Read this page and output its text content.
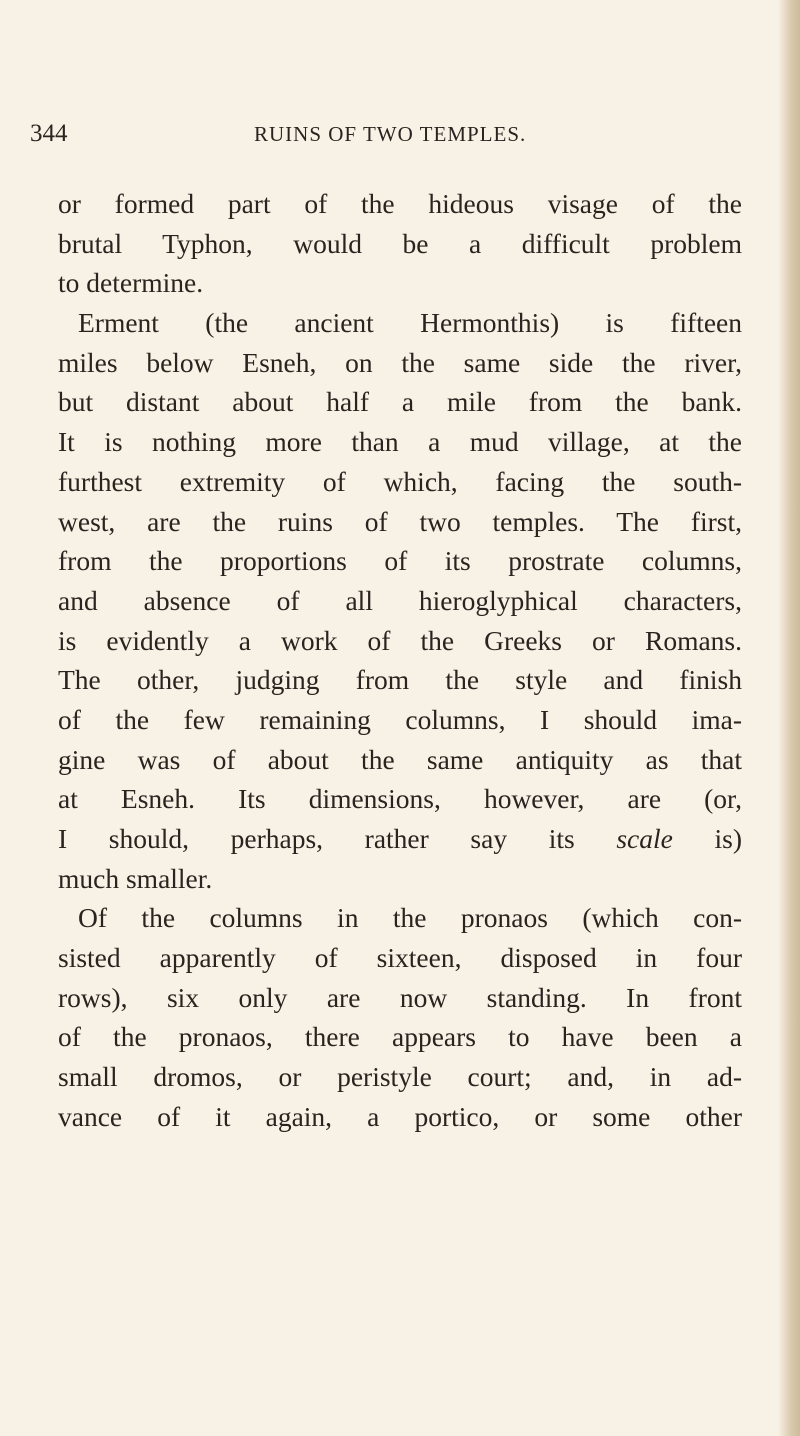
344	RUINS OF TWO TEMPLES.
or formed part of the hideous visage of the
brutal Typhon, would be a difficult problem
to determine.
Erment (the ancient Hermonthis) is fifteen
miles below Esneh, on the same side the river,
but distant about half a mile from the bank.
It is nothing more than a mud village, at the
furthest extremity of which, facing the south-
west, are the ruins of two temples. The first,
from the proportions of its prostrate columns,
and absence of all hieroglyphical characters,
is evidently a work of the Greeks or Romans.
The other, judging from the style and finish
of the few remaining columns, I should ima-
gine was of about the same antiquity as that
at Esneh. Its dimensions, however, are (or,
I should, perhaps, rather say its scale is)
much smaller.
Of the columns in the pronaos (which con-
sisted apparently of sixteen, disposed in four
rows), six only are now standing. In front
of the pronaos, there appears to have been a
small dromos, or peristyle court; and, in ad-
vance of it again, a portico, or some other
